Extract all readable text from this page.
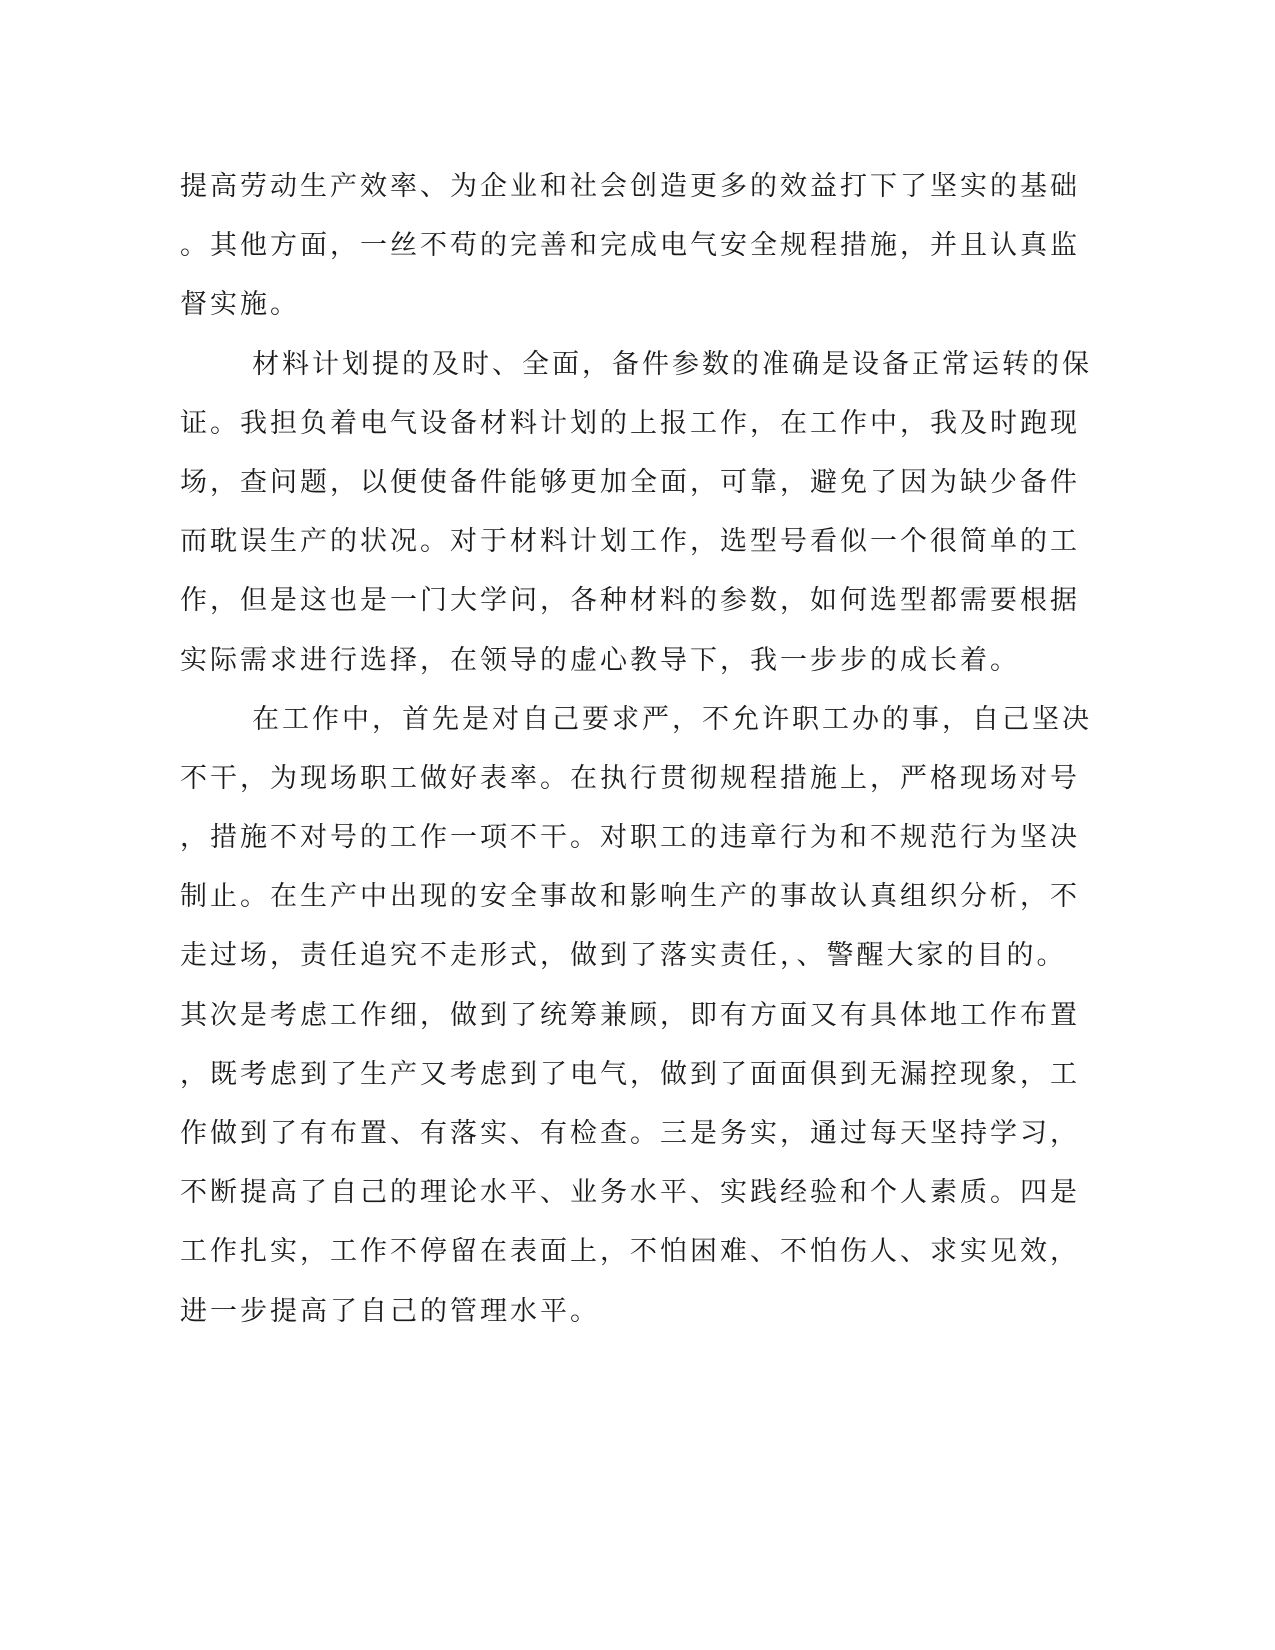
提高劳动生产效率、为企业和社会创造更多的效益打下了坚实的基础
。其他方面，一丝不苟的完善和完成电气安全规程措施，并且认真监
督实施。
材料计划提的及时、全面，备件参数的准确是设备正常运转的保
证。我担负着电气设备材料计划的上报工作，在工作中，我及时跑现
场，查问题，以便使备件能够更加全面，可靠，避免了因为缺少备件
而耽误生产的状况。对于材料计划工作，选型号看似一个很简单的工
作，但是这也是一门大学问，各种材料的参数，如何选型都需要根据
实际需求进行选择，在领导的虚心教导下，我一步步的成长着。
在工作中，首先是对自己要求严，不允许职工办的事，自己坚决
不干，为现场职工做好表率。在执行贯彻规程措施上，严格现场对号
，措施不对号的工作一项不干。对职工的违章行为和不规范行为坚决
制止。在生产中出现的安全事故和影响生产的事故认真组织分析，不
走过场，责任追究不走形式，做到了落实责任，、警醒大家的目的。
其次是考虑工作细，做到了统筹兼顾，即有方面又有具体地工作布置
，既考虑到了生产又考虑到了电气，做到了面面俱到无漏控现象，工
作做到了有布置、有落实、有检查。三是务实，通过每天坚持学习，
不断提高了自己的理论水平、业务水平、实践经验和个人素质。四是
工作扎实，工作不停留在表面上，不怕困难、不怕伤人、求实见效，
进一步提高了自己的管理水平。
